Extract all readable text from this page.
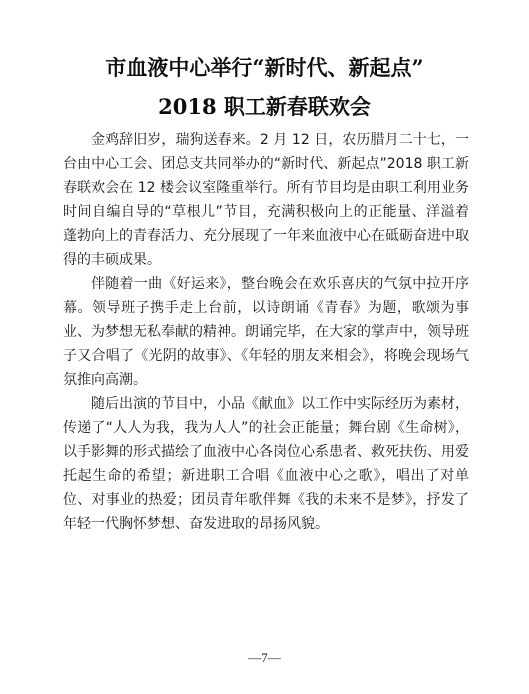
市血液中心举行“新时代、新起点”
2018 职工新春联欢会

金鸡辞旧岁，瑞狗送春来。2 月 12 日，农历腊月二十七，一台由中心工会、团总支共同举办的“新时代、新起点”2018 职工新春联欢会在 12 楼会议室隆重举行。所有节目均是由职工利用业务时间自编自导的“草根儿”节目，充满积极向上的正能量、洋溢着蓬勃向上的青春活力、充分展现了一年来血液中心在砥砺奋进中取得的丰硕成果。

伴随着一曲《好运来》，整台晚会在欢乐喜庆的气氛中拉开序幕。领导班子携手走上台前，以诗朗诵《青春》为题，歌颂为事业、为梦想无私奉献的精神。朗诵完毕，在大家的掌声中，领导班子又合唱了《光阴的故事》、《年轻的朋友来相会》，将晚会现场气氛推向高潮。

随后出演的节目中，小品《献血》以工作中实际经历为素材，传递了“人人为我，我为人人”的社会正能量；舞台剧《生命树》，以手影舞的形式描绘了血液中心各岗位心系患者、救死扶伤、用爱托起生命的希望；新进职工合唱《血液中心之歌》，唱出了对单位、对事业的热爱；团员青年歌伴舞《我的未来不是梦》，抒发了年轻一代胸怀梦想、奋发进取的昂扬风貌。

—7—
